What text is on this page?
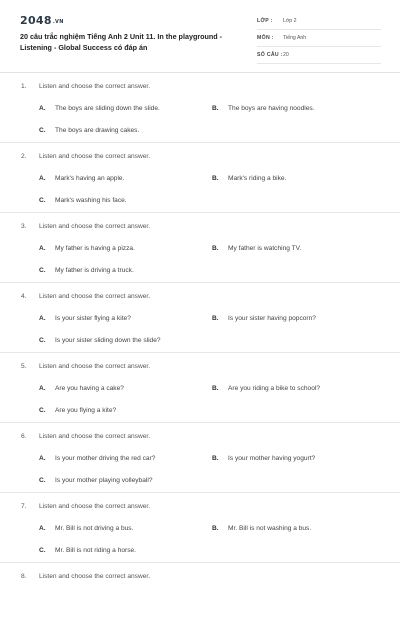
2048.VN
20 câu trắc nghiệm Tiếng Anh 2 Unit 11. In the playground - Listening - Global Success có đáp án
LỚP : Lớp 2
MÔN : Tiếng Anh
SỐ CÂU : 20
1. Listen and choose the correct answer.
A. The boys are sliding down the slide.	B. The boys are having noodles.
C. The boys are drawing cakes.
2. Listen and choose the correct answer.
A. Mark's having an apple.	B. Mark's riding a bike.
C. Mark's washing his face.
3. Listen and choose the correct answer.
A. My father is having a pizza.	B. My father is watching TV.
C. My father is driving a truck.
4. Listen and choose the correct answer.
A. Is your sister flying a kite?	B. Is your sister having popcorn?
C. Is your sister sliding down the slide?
5. Listen and choose the correct answer.
A. Are you having a cake?	B. Are you riding a bike to school?
C. Are you flying a kite?
6. Listen and choose the correct answer.
A. Is your mother driving the red car?	B. Is your mother having yogurt?
C. Is your mother playing volleyball?
7. Listen and choose the correct answer.
A. Mr. Bill is not driving a bus.	B. Mr. Bill is not washing a bus.
C. Mr. Bill is not riding a horse.
8. Listen and choose the correct answer.
